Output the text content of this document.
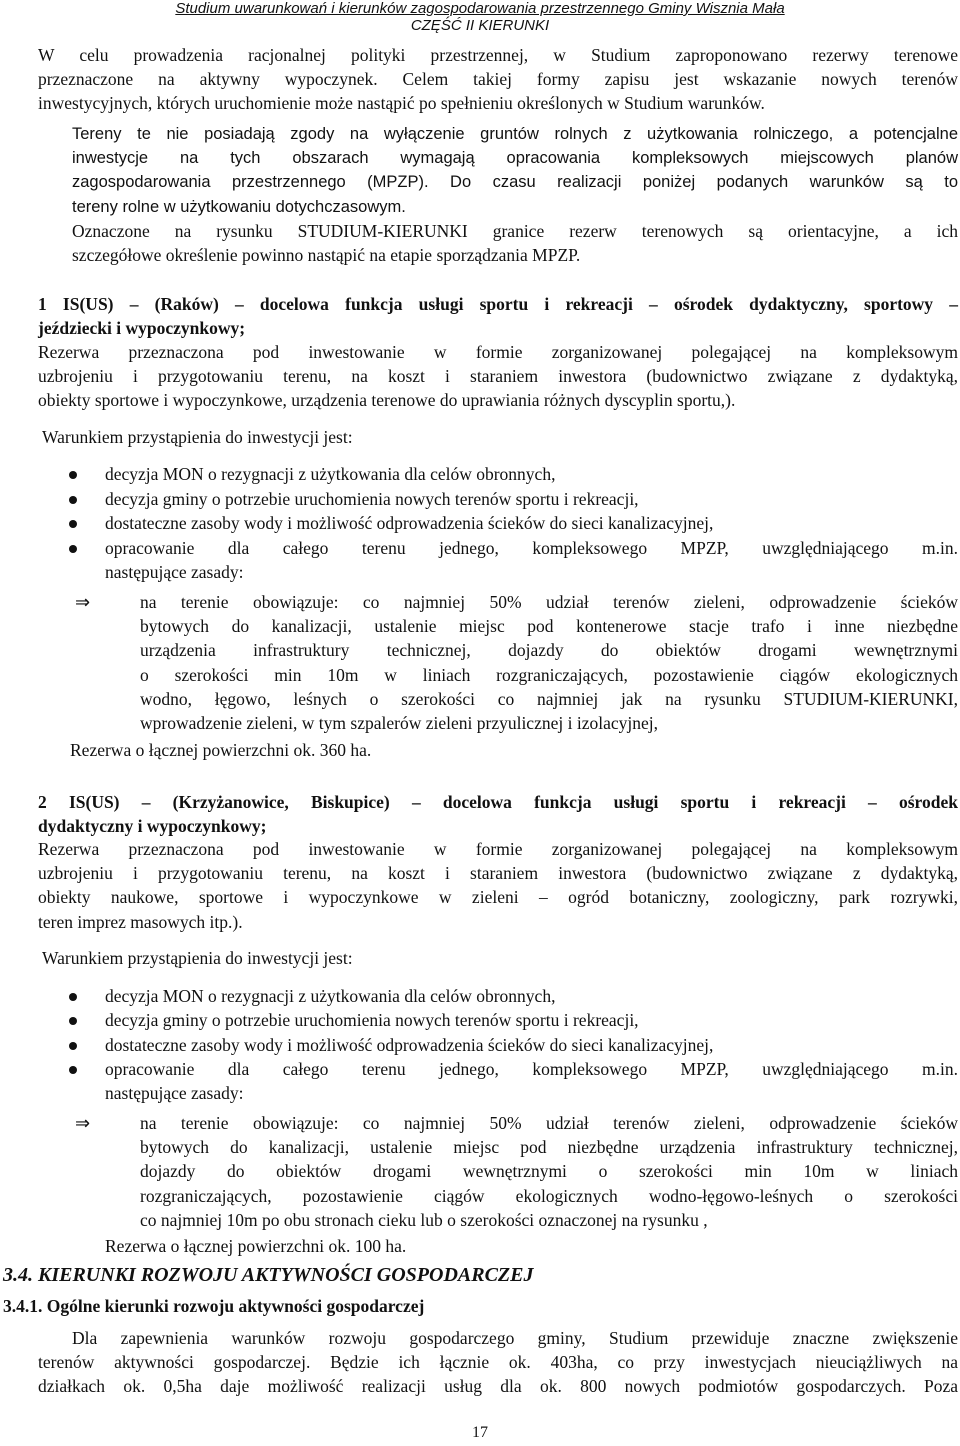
Studium uwarunkowań i kierunków zagospodarowania przestrzennego Gminy Wisznia Mała
CZĘŚĆ II KIERUNKI
W celu prowadzenia racjonalnej polityki przestrzennej, w Studium zaproponowano rezerwy terenowe
przeznaczone na aktywny wypoczynek. Celem takiej formy zapisu jest wskazanie nowych terenów
inwestycyjnych, których uruchomienie może nastąpić po spełnieniu określonych w Studium warunków.
Tereny te nie posiadają zgody na wyłączenie gruntów rolnych z użytkowania rolniczego, a potencjalne
inwestycje na tych obszarach wymagają opracowania kompleksowych miejscowych planów
zagospodarowania przestrzennego (MPZP). Do czasu realizacji poniżej podanych warunków są to
tereny rolne w użytkowaniu dotychczasowym.
Oznaczone na rysunku STUDIUM-KIERUNKI granice rezerw terenowych są orientacyjne, a ich
szczegółowe określenie powinno nastąpić na etapie sporządzania MPZP.
1 IS(US) – (Raków) – docelowa funkcja usługi sportu i rekreacji – ośrodek dydaktyczny, sportowy –
jeździecki i wypoczynkowy;
Rezerwa przeznaczona pod inwestowanie w formie zorganizowanej polegającej na kompleksowym
uzbrojeniu i przygotowaniu terenu, na koszt i staraniem inwestora (budownictwo związane z dydaktyką,
obiekty sportowe i wypoczynkowe, urządzenia terenowe do uprawiania różnych dyscyplin sportu,).
Warunkiem przystąpienia do inwestycji jest:
decyzja MON o rezygnacji z użytkowania dla celów obronnych,
decyzja gminy o potrzebie uruchomienia nowych terenów sportu i rekreacji,
dostateczne zasoby wody i możliwość odprowadzenia ścieków do sieci kanalizacyjnej,
opracowanie dla całego terenu jednego, kompleksowego MPZP, uwzględniającego m.in.
następujące zasady:
⇒	na terenie obowiązuje: co najmniej 50% udział terenów zieleni, odprowadzenie ścieków
bytowych do kanalizacji, ustalenie miejsc pod kontenerowe stacje trafo i inne niezbędne
urządzenia infrastruktury technicznej, dojazdy do obiektów drogami wewnętrznymi
o szerokości min 10m w liniach rozgraniczających, pozostawienie ciągów ekologicznych
wodno, łęgowo, leśnych o szerokości co najmniej jak na rysunku STUDIUM-KIERUNKI,
wprowadzenie zieleni, w tym szpalerów zieleni przyulicznej i izolacyjnej,
Rezerwa o łącznej powierzchni ok. 360 ha.
2 IS(US) – (Krzyżanowice, Biskupice) – docelowa funkcja usługi sportu i rekreacji – ośrodek
dydaktyczny i wypoczynkowy;
Rezerwa przeznaczona pod inwestowanie w formie zorganizowanej polegającej na kompleksowym
uzbrojeniu i przygotowaniu terenu, na koszt i staraniem inwestora (budownictwo związane z dydaktyką,
obiekty naukowe, sportowe i wypoczynkowe w zieleni – ogród botaniczny, zoologiczny, park rozrywki,
teren imprez masowych itp.).
Warunkiem przystąpienia do inwestycji jest:
decyzja MON o rezygnacji z użytkowania dla celów obronnych,
decyzja gminy o potrzebie uruchomienia nowych terenów sportu i rekreacji,
dostateczne zasoby wody i możliwość odprowadzenia ścieków do sieci kanalizacyjnej,
opracowanie dla całego terenu jednego, kompleksowego MPZP, uwzględniającego m.in.
następujące zasady:
⇒	na terenie obowiązuje: co najmniej 50% udział terenów zieleni, odprowadzenie ścieków
bytowych do kanalizacji, ustalenie miejsc pod niezbędne urządzenia infrastruktury technicznej,
dojazdy do obiektów drogami wewnętrznymi o szerokości min 10m w liniach
rozgraniczających, pozostawienie ciągów ekologicznych wodno-łęgowo-leśnych o szerokości
co najmniej 10m po obu stronach cieku lub o szerokości oznaczonej na rysunku ,
Rezerwa o łącznej powierzchni ok. 100 ha.
3.4. KIERUNKI ROZWOJU AKTYWNOŚCI GOSPODARCZEJ
3.4.1. Ogólne kierunki rozwoju aktywności gospodarczej
Dla zapewnienia warunków rozwoju gospodarczego gminy, Studium przewiduje znaczne zwiększenie
terenów aktywności gospodarczej. Będzie ich łącznie ok. 403ha, co przy inwestycjach nieuciążliwych na
działkach ok. 0,5ha daje możliwość realizacji usług dla ok. 800 nowych podmiotów gospodarczych. Poza
17
